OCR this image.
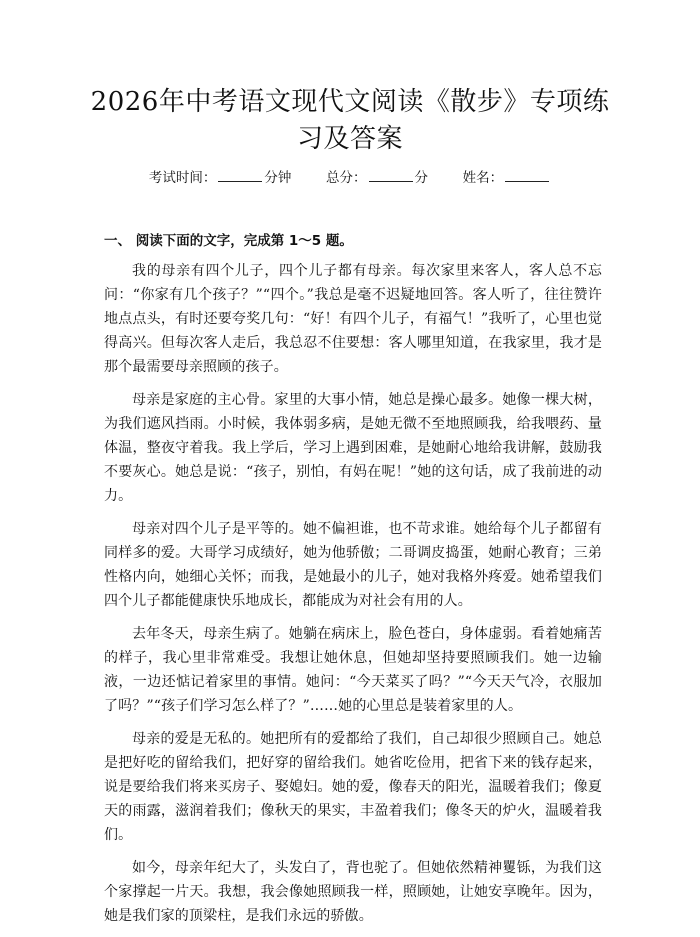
2026年中考语文现代文阅读《散步》专项练习及答案
考试时间：	分钟	总分：	分	姓名：
一、 阅读下面的文字，完成第 1～5 题。

我的母亲有四个儿子，四个儿子都有母亲。每次家里来客人，客人总不忘问：“你家有几个孩子？”“四个。”我总是毫不迟疑地回答。客人听了，往往赞许地点点头，有时还要夸奖几句：“好！有四个儿子，有福气！”我听了，心里也觉得高兴。但每次客人走后，我总忍不住要想：客人哪里知道，在我家里，我才是那个最需要母亲照顾的孩子。

母亲是家庭的主心骨。家里的大事小情，她总是操心最多。她像一棵大树，为我们遮风挡雨。小时候，我体弱多病，是她无微不至地照顾我，给我喂药、量体温，整夜守着我。我上学后，学习上遇到困难，是她耐心地给我讲解，鼓励我不要灰心。她总是说：“孩子，别怕，有妈在呢！”她的这句话，成了我前进的动力。

母亲对四个儿子是平等的。她不偏袒谁，也不苛求谁。她给每个儿子都留有同样多的爱。大哥学习成绩好，她为他骄傲；二哥调皮捣蛋，她耐心教育；三弟性格内向，她细心关怀；而我，是她最小的儿子，她对我格外疼爱。她希望我们四个儿子都能健康快乐地成长，都能成为对社会有用的人。

去年冬天，母亲生病了。她躺在病床上，脸色苍白，身体虚弱。看着她痛苦的样子，我心里非常难受。我想让她休息，但她却坚持要照顾我们。她一边输液，一边还惦记着家里的事情。她问：“今天菜买了吗？”“今天天气冷，衣服加了吗？”“孩子们学习怎么样了？”……她的心里总是装着家里的人。

母亲的爱是无私的。她把所有的爱都给了我们，自己却很少照顾自己。她总是把好吃的留给我们，把好穿的留给我们。她省吃俭用，把省下来的钱存起来，说是要给我们将来买房子、娶媳妇。她的爱，像春天的阳光，温暖着我们；像夏天的雨露，滋润着我们；像秋天的果实，丰盈着我们；像冬天的炉火，温暖着我们。

如今，母亲年纪大了，头发白了，背也驼了。但她依然精神矍铄，为我们这个家撑起一片天。我想，我会像她照顾我一样，照顾她，让她安享晚年。因为，她是我们家的顶梁柱，是我们永远的骄傲。
